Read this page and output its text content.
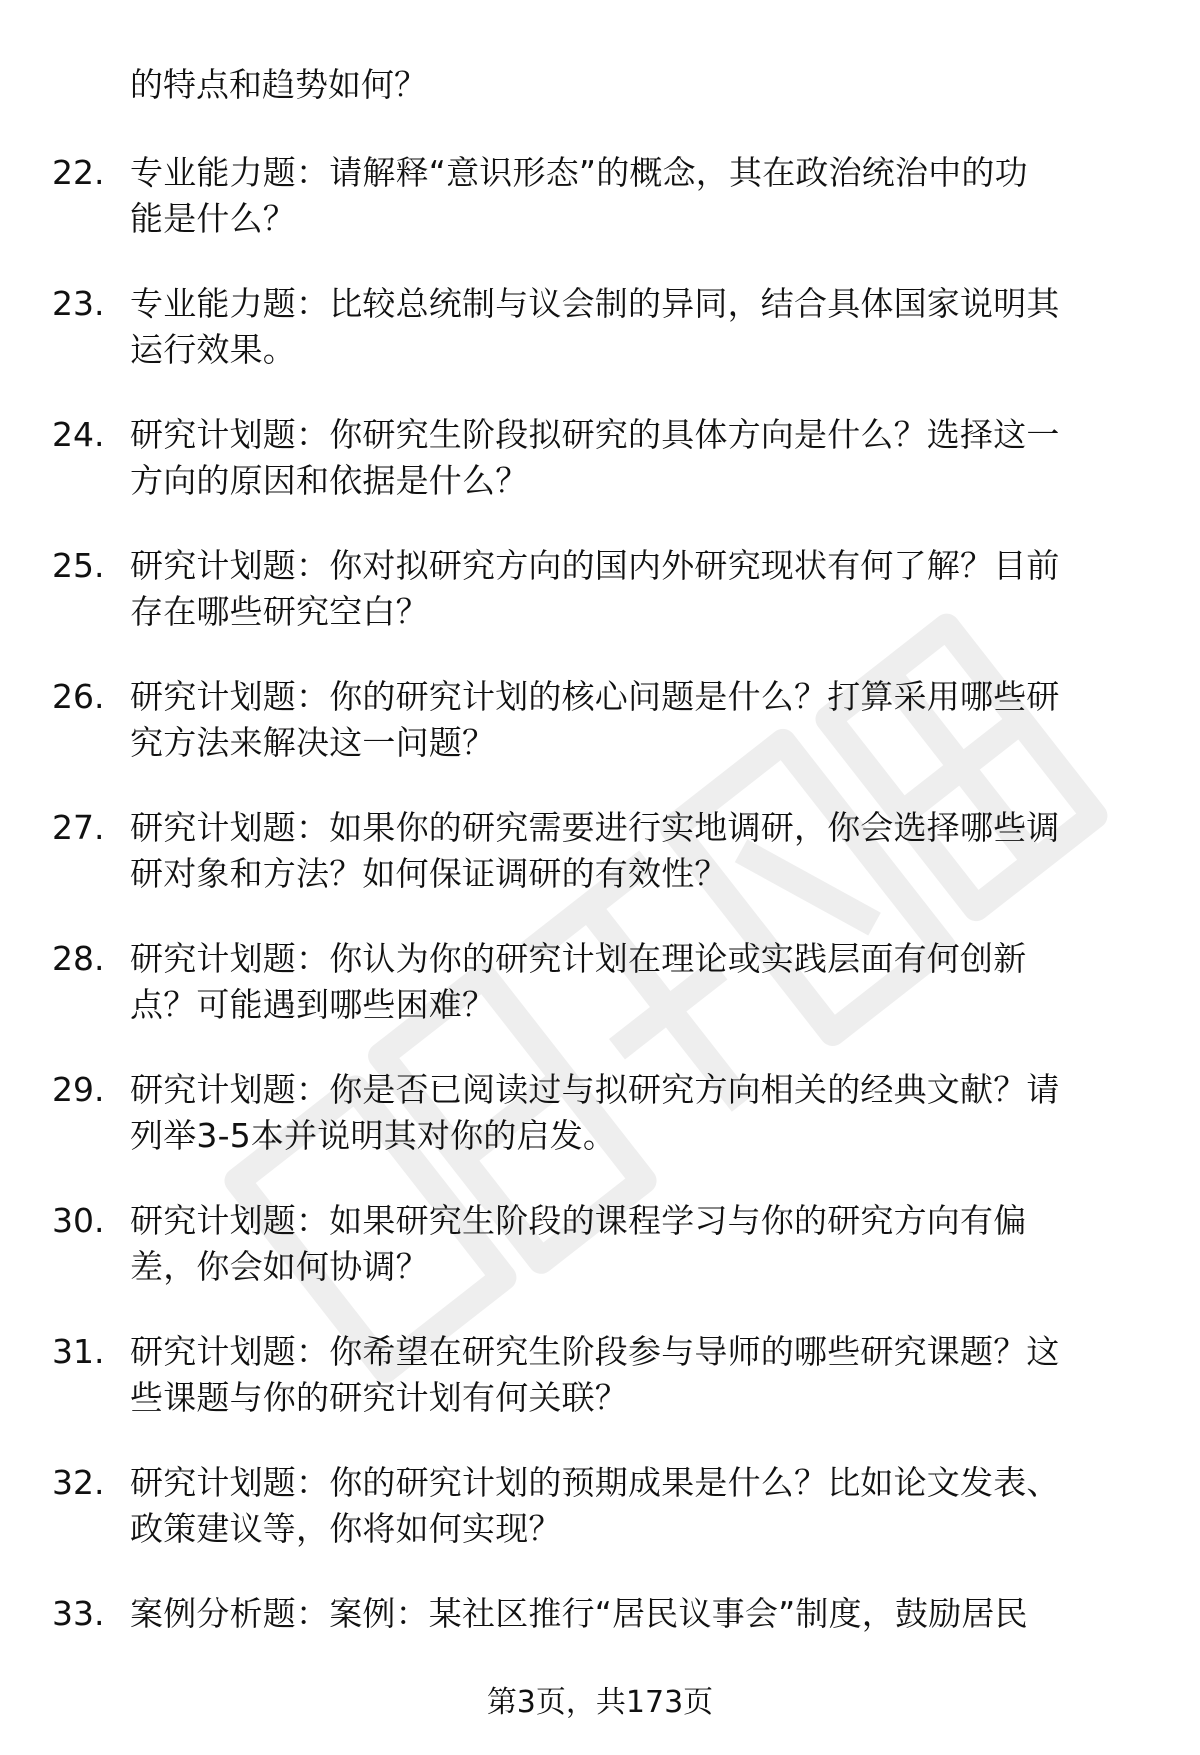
的特点和趋势如何？

22. 专业能力题：请解释“意识形态”的概念，其在政治统治中的功
能是什么？

23. 专业能力题：比较总统制与议会制的异同，结合具体国家说明其
运行效果。

24. 研究计划题：你研究生阶段拟研究的具体方向是什么？选择这一
方向的原因和依据是什么？

25. 研究计划题：你对拟研究方向的国内外研究现状有何了解？目前
存在哪些研究空白？

26. 研究计划题：你的研究计划的核心问题是什么？打算采用哪些研
究方法来解决这一问题？

27. 研究计划题：如果你的研究需要进行实地调研，你会选择哪些调
研对象和方法？如何保证调研的有效性？

28. 研究计划题：你认为你的研究计划在理论或实践层面有何创新
点？可能遇到哪些困难？

29. 研究计划题：你是否已阅读过与拟研究方向相关的经典文献？请
列举3-5本并说明其对你的启发。

30. 研究计划题：如果研究生阶段的课程学习与你的研究方向有偏
差，你会如何协调？

31. 研究计划题：你希望在研究生阶段参与导师的哪些研究课题？这
些课题与你的研究计划有何关联？

32. 研究计划题：你的研究计划的预期成果是什么？比如论文发表、
政策建议等，你将如何实现？

33. 案例分析题：案例：某社区推行“居民议事会”制度，鼓励居民

第3页，共173页
